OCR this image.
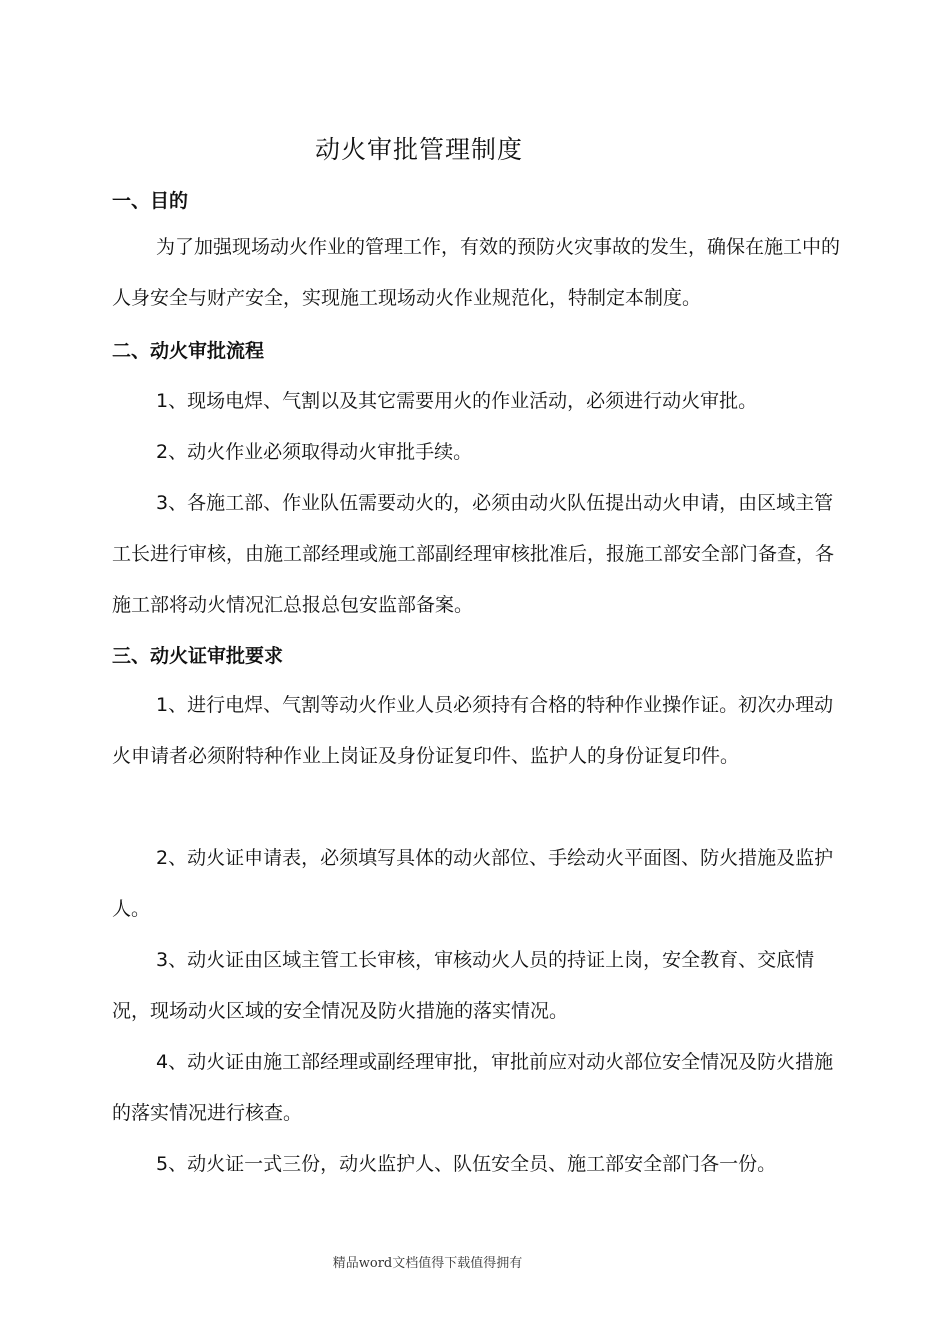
动火审批管理制度
一、目的

为了加强现场动火作业的管理工作，有效的预防火灾事故的发生，确保在施工中的人身安全与财产安全，实现施工现场动火作业规范化，特制定本制度。

二、动火审批流程

1、现场电焊、气割以及其它需要用火的作业活动，必须进行动火审批。

2、动火作业必须取得动火审批手续。

3、各施工部、作业队伍需要动火的，必须由动火队伍提出动火申请，由区域主管工长进行审核，由施工部经理或施工部副经理审核批准后，报施工部安全部门备查，各施工部将动火情况汇总报总包安监部备案。

三、动火证审批要求

1、进行电焊、气割等动火作业人员必须持有合格的特种作业操作证。初次办理动火申请者必须附特种作业上岗证及身份证复印件、监护人的身份证复印件。

2、动火证申请表，必须填写具体的动火部位、手绘动火平面图、防火措施及监护人。

3、动火证由区域主管工长审核，审核动火人员的持证上岗，安全教育、交底情况，现场动火区域的安全情况及防火措施的落实情况。

4、动火证由施工部经理或副经理审批，审批前应对动火部位安全情况及防火措施的落实情况进行核查。

5、动火证一式三份，动火监护人、队伍安全员、施工部安全部门各一份。

精品word文档值得下载值得拥有
